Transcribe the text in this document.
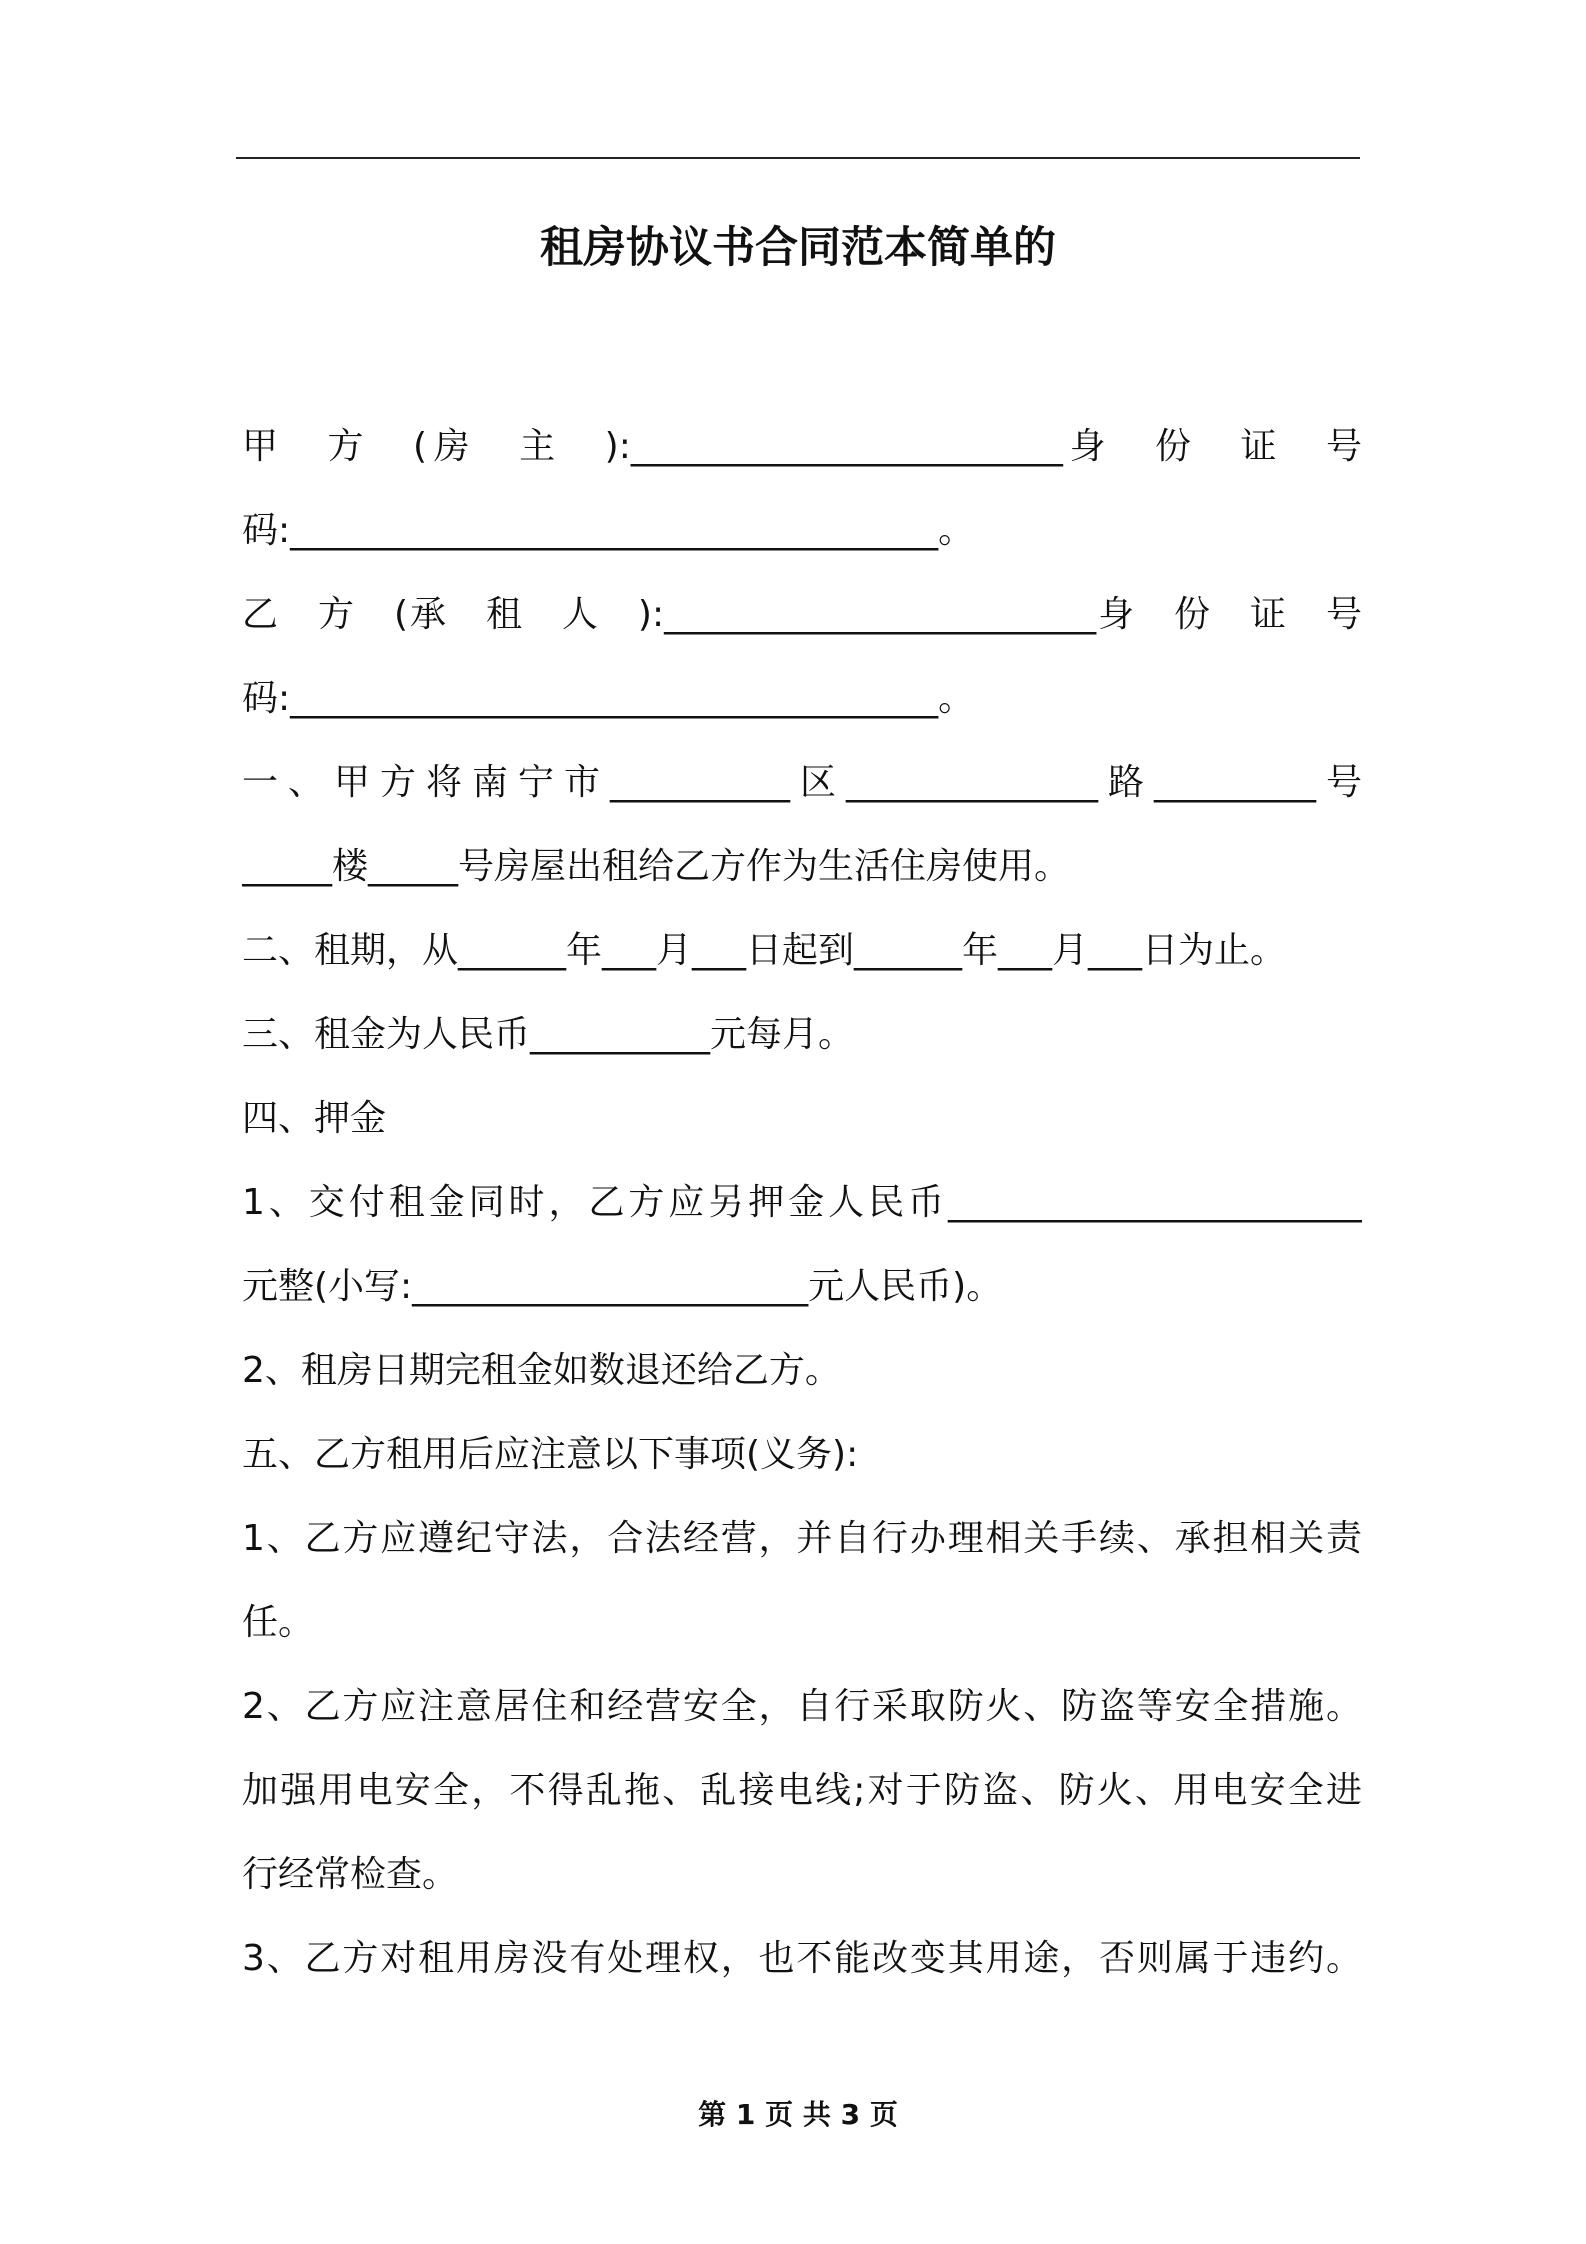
租房协议书合同范本简单的
甲　方　(房　主　):________________________身　份　证　号
码:____________________________________。
乙　方　(承　租　人　):________________________身　份　证　号
码:____________________________________。
一、甲方将南宁市__________区______________路_________号
_____楼_____号房屋出租给乙方作为生活住房使用。
二、租期，从______年___月___日起到______年___月___日为止。
三、租金为人民币__________元每月。
四、押金
1、交付租金同时，乙方应另押金人民币_______________________
元整(小写:______________________元人民币)。
2、租房日期完租金如数退还给乙方。
五、乙方租用后应注意以下事项(义务):
1、乙方应遵纪守法，合法经营，并自行办理相关手续、承担相关责
任。
2、乙方应注意居住和经营安全，自行采取防火、防盗等安全措施。
加强用电安全，不得乱拖、乱接电线;对于防盗、防火、用电安全进
行经常检查。
3、乙方对租用房没有处理权，也不能改变其用途，否则属于违约。
第 1 页 共 3 页
